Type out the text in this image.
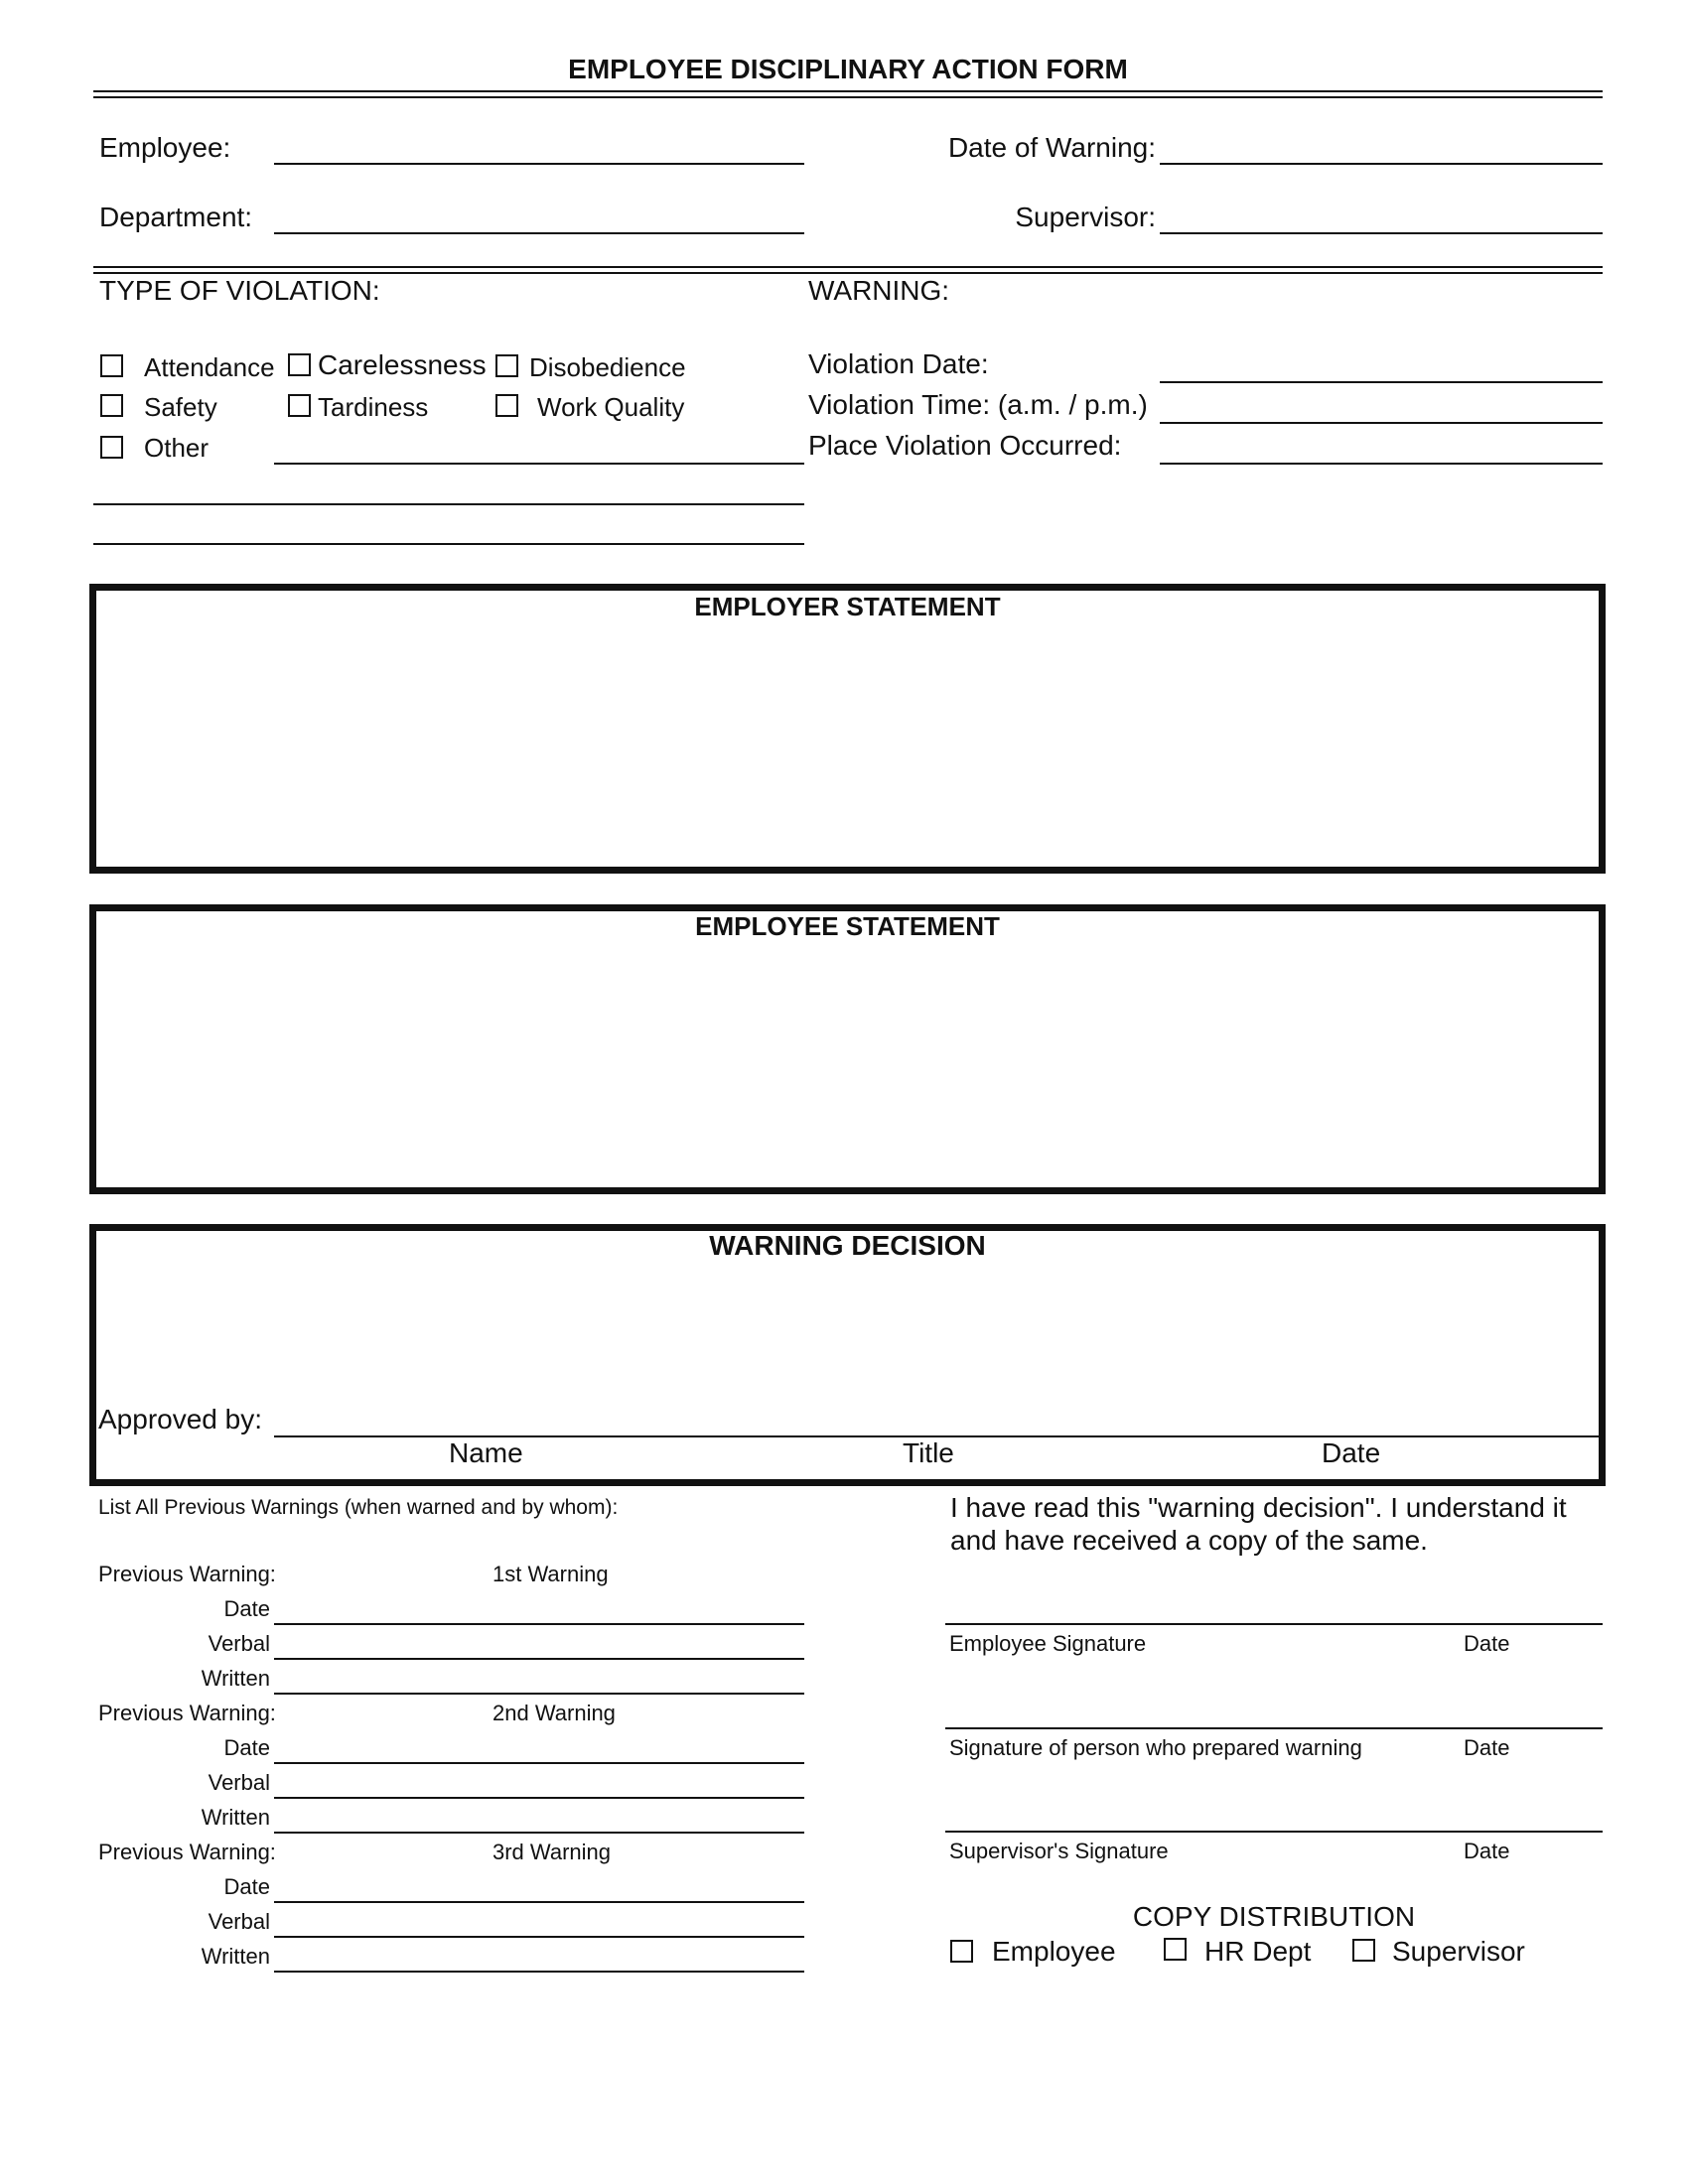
EMPLOYEE DISCIPLINARY ACTION FORM
Employee:	Date of Warning:
Department:	Supervisor:
TYPE OF VIOLATION:
Attendance Carelessness Disobedience
Safety	Tardiness	Work Quality
Other
WARNING:
Violation Date:
Violation Time: (a.m. / p.m.)
Place Violation Occurred:
EMPLOYER STATEMENT
EMPLOYEE STATEMENT
WARNING DECISION
Approved by:
Name	Title	Date
List All Previous Warnings (when warned and by whom):
Previous Warning:	1st Warning
Date
Verbal
Written
Previous Warning:	2nd Warning
Date
Verbal
Written
Previous Warning:	3rd Warning
Date
Verbal
Written
I have read this "warning decision". I understand it
and have received a copy of the same.
Employee Signature	Date
Signature of person who prepared warning	Date
Supervisor's Signature	Date
COPY DISTRIBUTION
Employee	HR Dept	Supervisor
